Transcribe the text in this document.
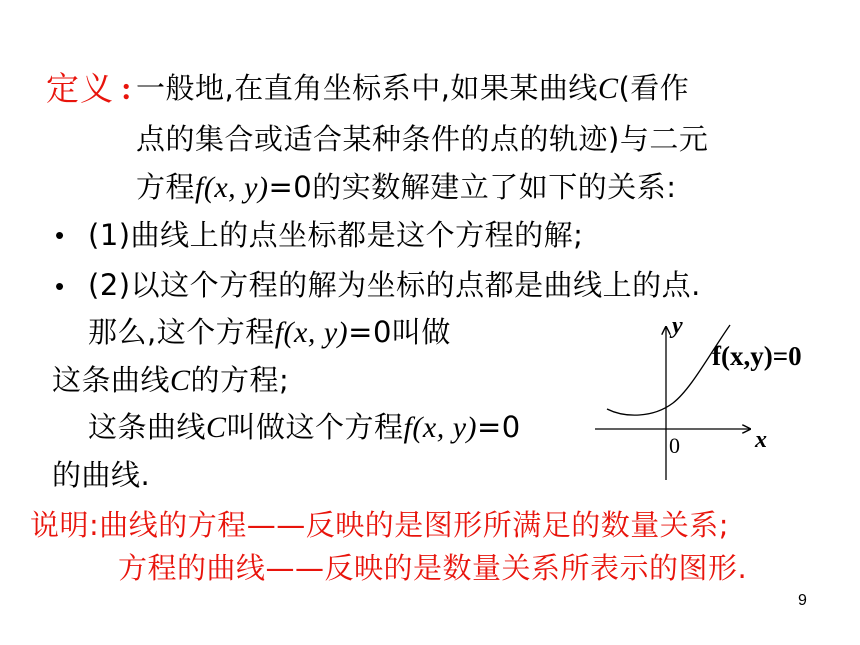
定义 : 一般地,在直角坐标系中,如果某曲线C(看作
点的集合或适合某种条件的点的轨迹)与二元
方程f(x, y)=0的实数解建立了如下的关系:
• (1)曲线上的点坐标都是这个方程的解;
• (2)以这个方程的解为坐标的点都是曲线上的点.
那么,这个方程f(x, y)=0叫做
这条曲线C的方程;
这条曲线C叫做这个方程f(x, y)=0
的曲线.
y
x
0
f(x,y)=0
说明:曲线的方程——反映的是图形所满足的数量关系;
方程的曲线——反映的是数量关系所表示的图形.
9
